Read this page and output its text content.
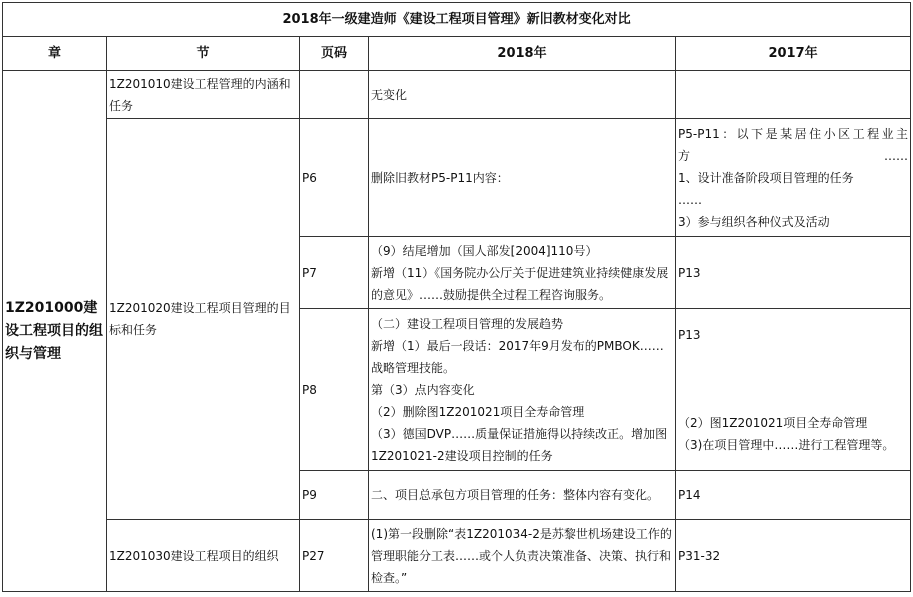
2018年一级建造师《建设工程项目管理》新旧教材变化对比				
章	节	页码	2018年	2017年
1Z201000建设工程项目的组织与管理	1Z201010建设工程管理的内涵和任务		无变化	

	1Z201020建设工程项目管理的目标和任务	P6	删除旧教材P5-P11内容：	P5-P11：以下是某居住小区工程业主方……
1、设计准备阶段项目管理的任务
……
3）参与组织各种仪式及活动

		P7	（9）结尾增加（国人部发[2004]110号）
新增（11）《国务院办公厅关于促进建筑业持续健康发展的意见》……鼓励提供全过程工程咨询服务。	P13

		P8	（二）建设工程项目管理的发展趋势
新增（1）最后一段话：2017年9月发布的PMBOK……战略管理技能。
第（3）点内容变化
（2）删除图1Z201021项目全寿命管理
（3）德国DVP……质量保证措施得以持续改正。增加图1Z201021-2建设项目控制的任务	P13
（2）图1Z201021项目全寿命管理
（3)在项目管理中……进行工程管理等。

		P9	二、项目总承包方项目管理的任务：整体内容有变化。	P14

	1Z201030建设工程项目的组织	P27	(1)第一段删除“表1Z201034-2是苏黎世机场建设工作的管理职能分工表……或个人负责决策准备、决策、执行和检查。”	P31-32
